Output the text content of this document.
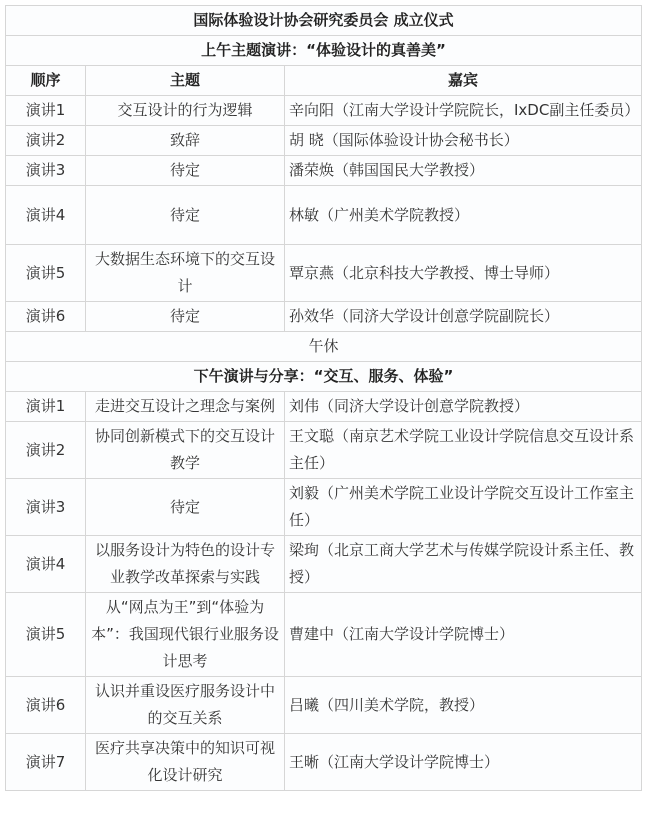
国际体验设计协会研究委员会 成立仪式		
上午主题演讲：“体验设计的真善美”		
顺序	主题	嘉宾
演讲1	交互设计的行为逻辑	辛向阳（江南大学设计学院院长，IxDC副主任委员）
演讲2	致辞	胡 晓（国际体验设计协会秘书长）
演讲3	待定	潘荣焕（韩国国民大学教授）
演讲4	待定	林敏（广州美术学院教授）
演讲5	大数据生态环境下的交互设计	覃京燕（北京科技大学教授、博士导师）
演讲6	待定	孙效华（同济大学设计创意学院副院长）
午休		
下午演讲与分享：“交互、服务、体验”		
演讲1	走进交互设计之理念与案例	刘伟（同济大学设计创意学院教授）
演讲2	协同创新模式下的交互设计教学	王文聪（南京艺术学院工业设计学院信息交互设计系主任）
演讲3	待定	刘毅（广州美术学院工业设计学院交互设计工作室主任）
演讲4	以服务设计为特色的设计专业教学改革探索与实践	梁珣（北京工商大学艺术与传媒学院设计系主任、教授）
演讲5	从“网点为王”到“体验为本”：我国现代银行业服务设计思考	曹建中（江南大学设计学院博士）
演讲6	认识并重设医疗服务设计中的交互关系	吕曦（四川美术学院，教授）
演讲7	医疗共享决策中的知识可视化设计研究	王晰（江南大学设计学院博士）
